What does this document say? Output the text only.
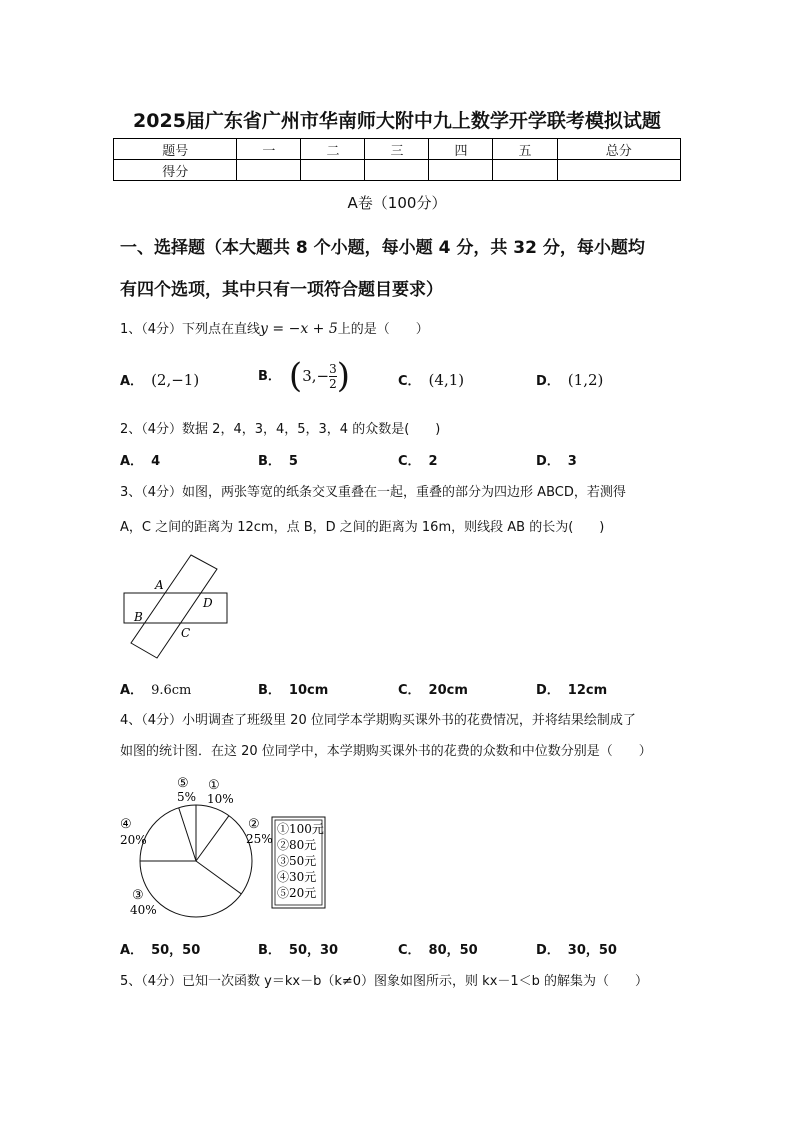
2025届广东省广州市华南师大附中九上数学开学联考模拟试题
题号	一	二	三	四	五	总分
得分						
A卷（100分）
一、选择题（本大题共 8 个小题，每小题 4 分，共 32 分，每小题均
有四个选项，其中只有一项符合题目要求）
1、（4分）下列点在直线y = −x + 5上的是（　　）
A． (2,−1)	B． ($3,- \frac{3}{2}$ )	C． (4,1)	D． (1,2)
2、（4分）数据 2，4，3，4，5，3，4 的众数是(　　)
A． 4	B． 5	C． 2	D． 3
3、（4分）如图，两张等宽的纸条交叉重叠在一起，重叠的部分为四边形 ABCD，若测得
A，C 之间的距离为 12cm，点 B，D 之间的距离为 16m，则线段 AB 的长为(　　)
A
B
C
D
A． 9.6cm	B． 10cm	C． 20cm	D． 12cm
4、（4分）小明调查了班级里 20 位同学本学期购买课外书的花费情况，并将结果绘制成了
如图的统计图．在这 20 位同学中，本学期购买课外书的花费的众数和中位数分别是（　　）
⑤
5%
①
10%
②
25%
④
20%
③
40%
①100元
②80元
③50元
④30元
⑤20元
A． 50，50	B． 50，30	C． 80，50	D． 30，50
5、（4分）已知一次函数 y＝kx－b（k≠0）图象如图所示，则 kx－1＜b 的解集为（　　）
